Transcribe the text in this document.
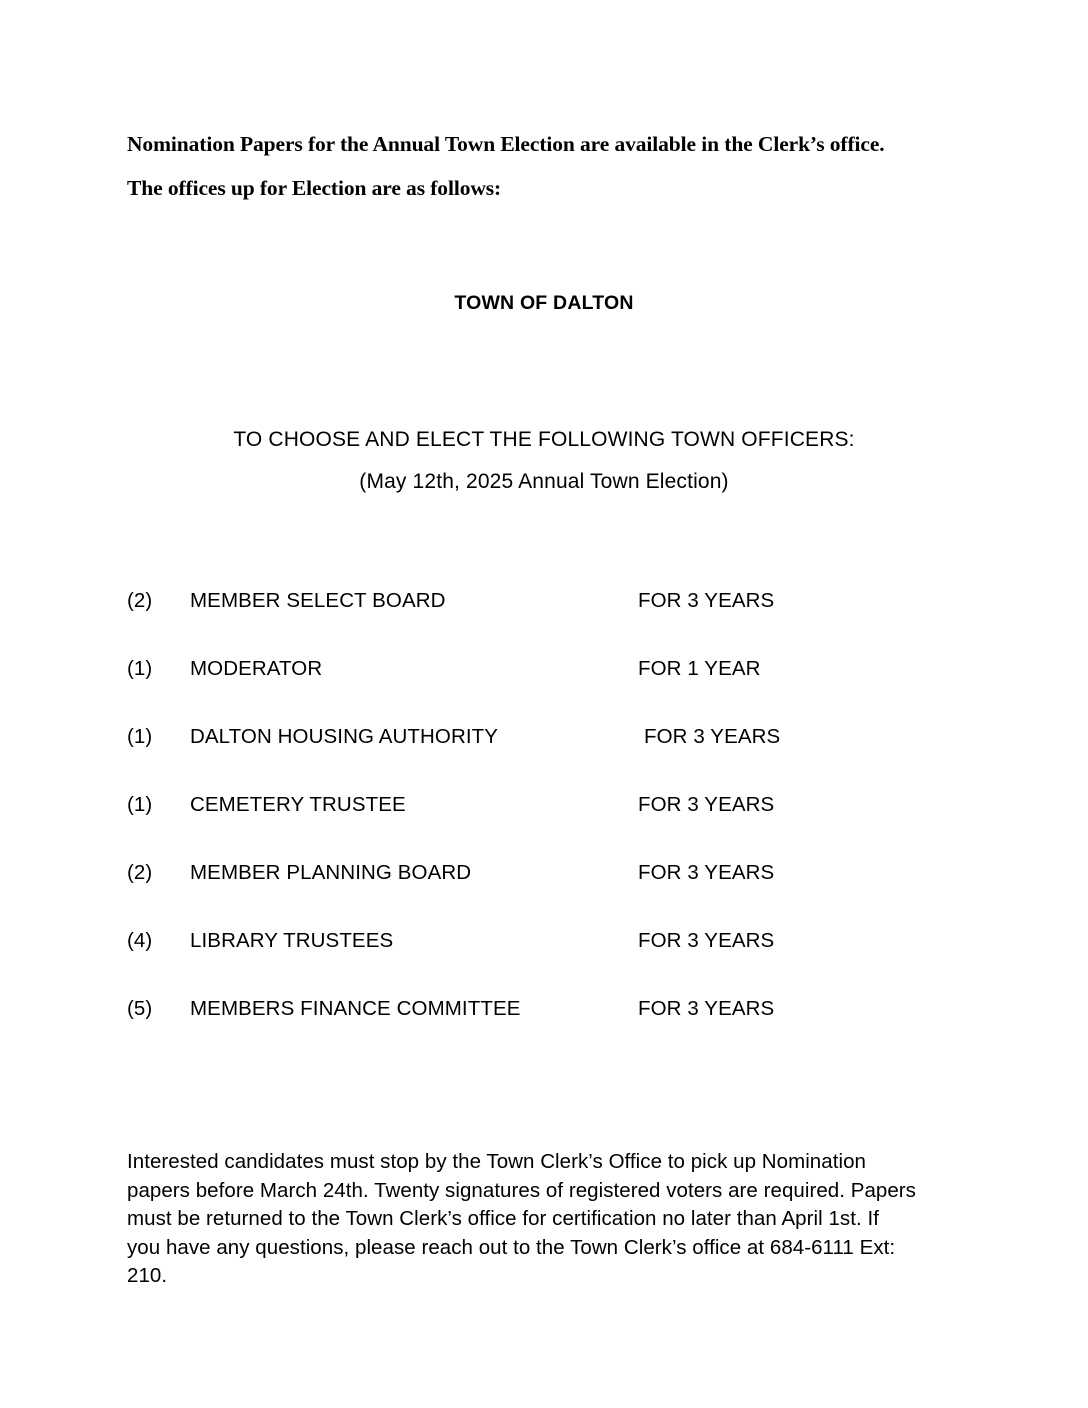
Nomination Papers for the Annual Town Election are available in the Clerk’s office.
The offices up for Election are as follows:
TOWN OF DALTON
TO CHOOSE AND ELECT THE FOLLOWING TOWN OFFICERS:
(May 12th, 2025 Annual Town Election)
(2) MEMBER SELECT BOARD	FOR 3 YEARS
(1) MODERATOR	FOR 1 YEAR
(1) DALTON HOUSING AUTHORITY	FOR 3 YEARS
(1) CEMETERY TRUSTEE	FOR 3 YEARS
(2) MEMBER PLANNING BOARD	FOR 3 YEARS
(4) LIBRARY TRUSTEES	FOR 3 YEARS
(5) MEMBERS FINANCE COMMITTEE	FOR 3 YEARS
Interested candidates must stop by the Town Clerk’s Office to pick up Nomination papers before March 24th. Twenty signatures of registered voters are required. Papers must be returned to the Town Clerk’s office for certification no later than April 1st. If you have any questions, please reach out to the Town Clerk’s office at 684-6111 Ext: 210.
